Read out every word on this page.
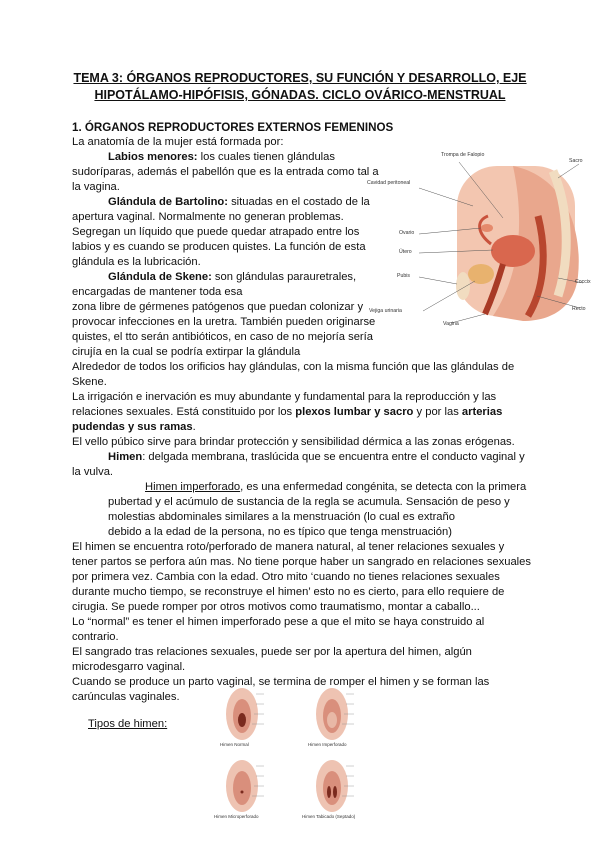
TEMA 3: ÓRGANOS REPRODUCTORES, SU FUNCIÓN Y DESARROLLO, EJE
HIPOTÁLAMO-HIPÓFISIS, GÓNADAS. CICLO OVÁRICO-MENSTRUAL
1. ÓRGANOS REPRODUCTORES EXTERNOS FEMENINOS
La anatomía de la mujer está formada por:
Labios menores: los cuales tienen glándulas
sudoríparas, además el pabellón que es la entrada como tal a
la vagina.
Glándula de Bartolino: situadas en el costado de la
apertura vaginal. Normalmente no generan problemas.
Segregan un líquido que puede quedar atrapado entre los
labios y es cuando se producen quistes. La función de esta
glándula es la lubricación.
Glándula de Skene: son glándulas parauretrales,
encargadas de mantener toda esa
zona libre de gérmenes patógenos que puedan colonizar y
provocar infecciones en la uretra. También pueden originarse
quistes, el tto serán antibióticos, en caso de no mejoría sería
cirujía en la cual se podría extirpar la glándula
Alrededor de todos los orificios hay glándulas, con la misma función que las glándulas de
Skene.
La irrigación e inervación es muy abundante y fundamental para la reproducción y las
relaciones sexuales. Está constituido por los plexos lumbar y sacro y por las arterias
pudendas y sus ramas.
El vello púbico sirve para brindar protección y sensibilidad dérmica a las zonas erógenas.
Himen: delgada membrana, traslúcida que se encuentra entre el conducto vaginal y
la vulva.
Himen imperforado, es una enfermedad congénita, se detecta con la primera
pubertad y el acúmulo de sustancia de la regla se acumula. Sensación de peso y
molestias abdominales similares a la menstruación (lo cual es extraño
debido a la edad de la persona, no es típico que tenga menstruación)
El himen se encuentra roto/perforado de manera natural, al tener relaciones sexuales y
tener partos se perfora aún mas. No tiene porque haber un sangrado en relaciones sexuales
por primera vez. Cambia con la edad. Otro mito ‘cuando no tienes relaciones sexuales
durante mucho tiempo, se reconstruye el himen’ esto no es cierto, para ello requiere de
cirugia. Se puede romper por otros motivos como traumatismo, montar a caballo...
Lo “normal” es tener el himen imperforado pese a que el mito se haya construido al
contrario.
El sangrado tras relaciones sexuales, puede ser por la apertura del himen, algún
microdesgarro vaginal.
Cuando se produce un parto vaginal, se termina de romper el himen y se forman las
carúnculas vaginales.
Tipos de himen:
Trompa de Falopio
Sacro
Cavidad peritoneal
Ovario
Útero
Pubis
Coccix
Recto
Vejiga urinaria
Vagina
Himen Normal	Himen Imperforado
Himen Microperforado	Himen Tabicado (Septado)
